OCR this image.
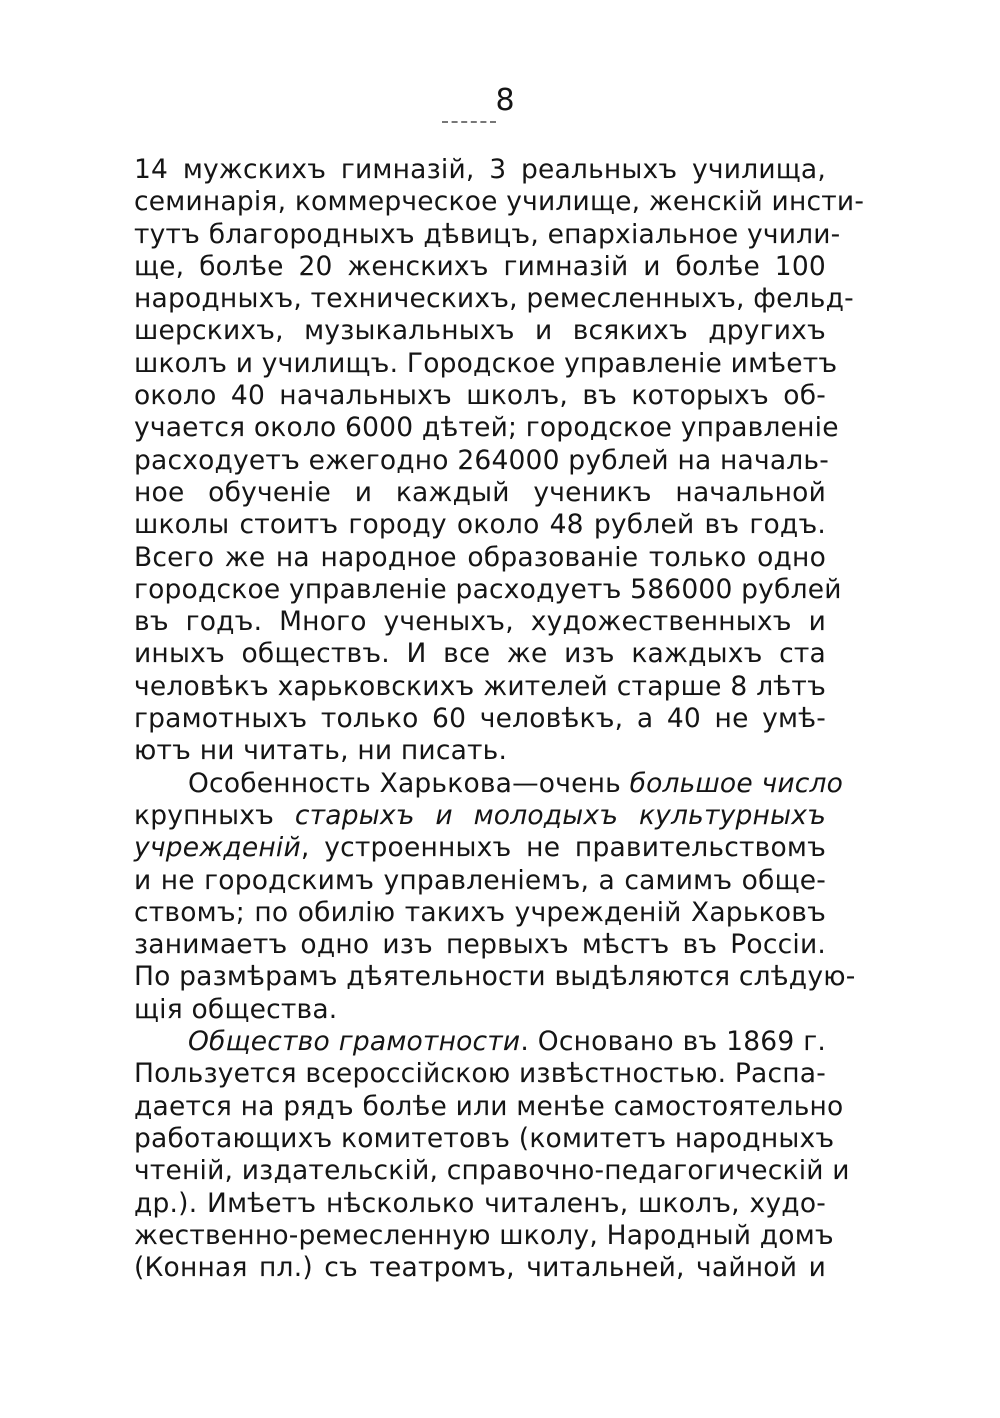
8
14 мужскихъ гимназій, 3 реальныхъ училища,
семинарія, коммерческое училище, женскій инсти-
тутъ благородныхъ дѣвицъ, епархіальное учили-
ще, болѣе 20 женскихъ гимназій и болѣе 100
народныхъ, техническихъ, ремесленныхъ, фельд-
шерскихъ, музыкальныхъ и всякихъ другихъ
школъ и училищъ. Городское управленіе имѣетъ
около 40 начальныхъ школъ, въ которыхъ об-
учается около 6000 дѣтей; городское управленіе
расходуетъ ежегодно 264000 рублей на началь-
ное обученіе и каждый ученикъ начальной
школы стоитъ городу около 48 рублей въ годъ.
Всего же на народное образованіе только одно
городское управленіе расходуетъ 586000 рублей
въ годъ. Много ученыхъ, художественныхъ и
иныхъ обществъ. И все же изъ каждыхъ ста
человѣкъ харьковскихъ жителей старше 8 лѣтъ
грамотныхъ только 60 человѣкъ, а 40 не умѣ-
ютъ ни читать, ни писать.
Особенность Харькова—очень большое число
крупныхъ старыхъ и молодыхъ культурныхъ
учрежденій, устроенныхъ не правительствомъ
и не городскимъ управленіемъ, а самимъ обще-
ствомъ; по обилію такихъ учрежденій Харьковъ
занимаетъ одно изъ первыхъ мѣстъ въ Россіи.
По размѣрамъ дѣятельности выдѣляются слѣдую-
щія общества.
Общество грамотности. Основано въ 1869 г.
Пользуется всероссійскою извѣстностью. Распа-
дается на рядъ болѣе или менѣе самостоятельно
работающихъ комитетовъ (комитетъ народныхъ
чтеній, издательскій, справочно-педагогическій и
др.). Имѣетъ нѣсколько читаленъ, школъ, худо-
жественно-ремесленную школу, Народный домъ
(Конная пл.) съ театромъ, читальней, чайной и
